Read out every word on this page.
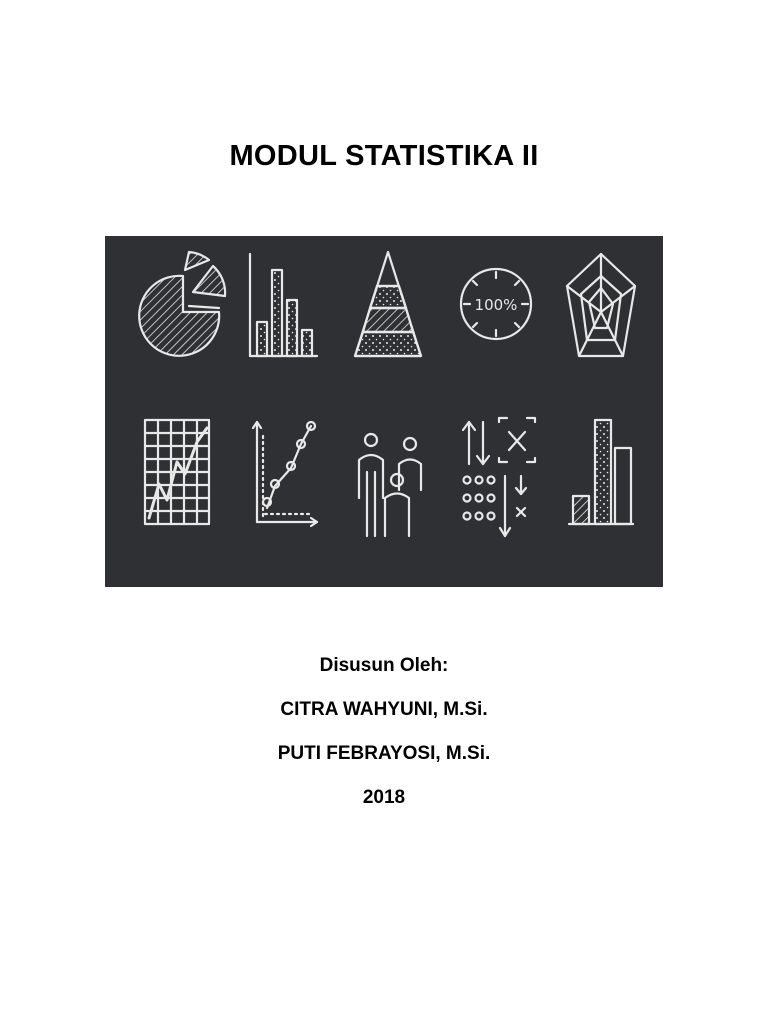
MODUL STATISTIKA II
100%
Disusun Oleh:
CITRA WAHYUNI, M.Si.
PUTI FEBRAYOSI, M.Si.
2018
